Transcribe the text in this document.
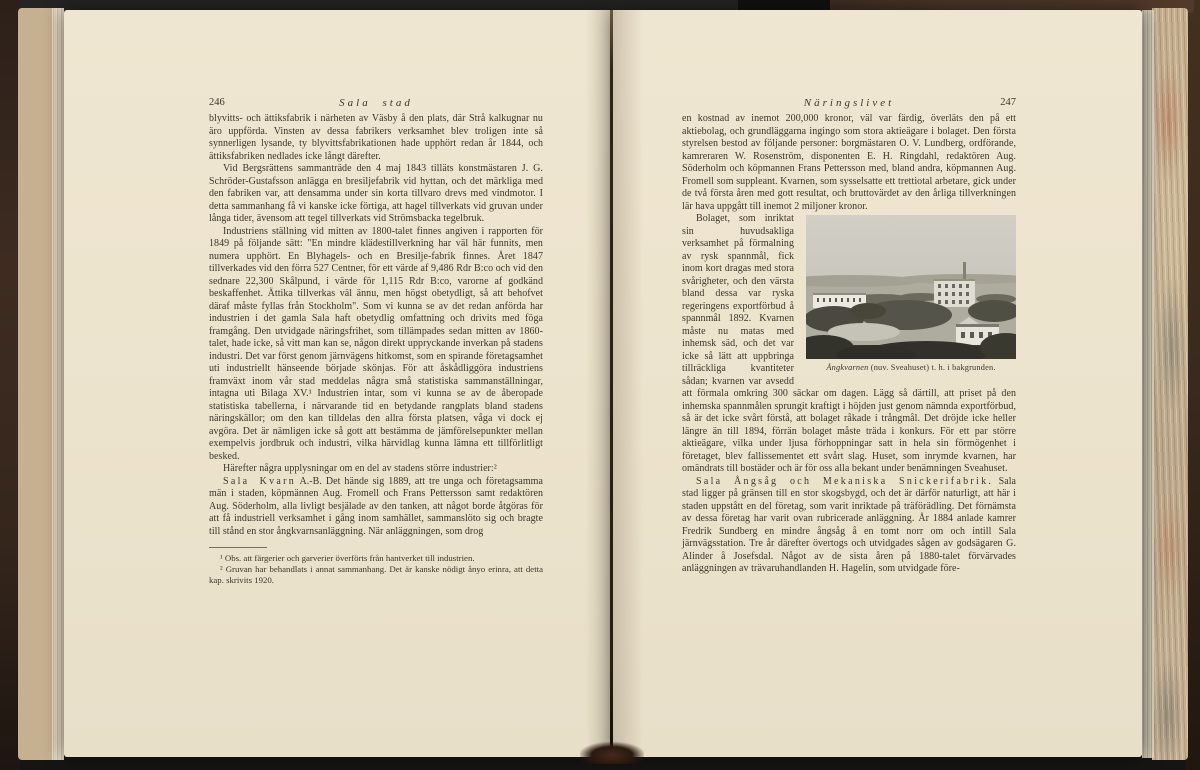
246	Sala stad

blyvitts- och ättiksfabrik i närheten av Väsby å den plats, där Strå kalkugnar nu äro uppförda. Vinsten av dessa fabrikers verksamhet blev troligen inte så synnerligen lysande, ty blyvittsfabrikationen hade upphört redan år 1844, och ättiksfabriken nedlades icke långt därefter.

Vid Bergsrättens sammanträde den 4 maj 1843 tilläts konstmästaren J. G. Schröder-Gustafsson anlägga en bresiljefabrik vid hyttan, och det märkliga med den fabriken var, att densamma under sin korta tillvaro drevs med vindmotor. I detta sammanhang få vi kanske icke förtiga, att hagel tillverkats vid gruvan under långa tider, ävensom att tegel tillverkats vid Strömsbacka tegelbruk.

Industriens ställning vid mitten av 1800-talet finnes angiven i rapporten för 1849 på följande sätt: "En mindre klädestillverkning har väl här funnits, men numera upphört. En Blyhagels- och en Bresilje-fabrik finnes. Året 1847 tillverkades vid den förra 527 Centner, för ett värde af 9,486 Rdr B:co och vid den sednare 22,300 Skålpund, i värde för 1,115 Rdr B:co, varorne af godkänd beskaffenhet. Ättika tillverkas väl ännu, men högst obetydligt, så att behofvet däraf måste fyllas från Stockholm". Som vi kunna se av det redan anförda har industrien i det gamla Sala haft obetydlig omfattning och drivits med föga framgång. Den utvidgade näringsfrihet, som tillämpades sedan mitten av 1860-talet, hade icke, så vitt man kan se, någon direkt uppryckande inverkan på stadens industri. Det var först genom järnvägens hitkomst, som en spirande företagsamhet uti industriellt hänseende började skönjas. För att åskådliggöra industriens framväxt inom vår stad meddelas några små statistiska sammanställningar, intagna uti Bilaga XV.¹ Industrien intar, som vi kunna se av de åberopade statistiska tabellerna, i närvarande tid en betydande rangplats bland stadens näringskällor; om den kan tilldelas den allra första platsen, våga vi dock ej avgöra. Det är nämligen icke så gott att bestämma de jämförelsepunkter mellan exempelvis jordbruk och industri, vilka härvidlag kunna lämna ett tillförlitligt besked.

Härefter några upplysningar om en del av stadens större industrier:²

Sala Kvarn A.-B. Det hände sig 1889, att tre unga och företagsamma män i staden, köpmännen Aug. Fromell och Frans Pettersson samt redaktören Aug. Söderholm, alla livligt besjälade av den tanken, att något borde åtgöras för att få industriell verksamhet i gång inom samhället, sammanslöto sig och bragte till stånd en stor ångkvarnsanläggning. När anläggningen, som drog

¹ Obs. att färgerier och garverier överförts från hantverket till industrien.

² Gruvan har behandlats i annat sammanhang. Det är kanske nödigt ånyo erinra, att detta kap. skrivits 1920.

Näringslivet	247

en kostnad av inemot 200,000 kronor, väl var färdig, överläts den på ett aktiebolag, och grundläggarna ingingo som stora aktieägare i bolaget. Den första styrelsen bestod av följande personer: borgmästaren O. V. Lundberg, ordförande, kamreraren W. Rosenström, disponenten E. H. Ringdahl, redaktören Aug. Söderholm och köpmannen Frans Pettersson med, bland andra, köpmannen Aug. Fromell som suppleant. Kvarnen, som sysselsatte ett trettiotal arbetare, gick under de två första åren med gott resultat, och bruttovärdet av den årliga tillverkningen lär hava uppgått till inemot 2 miljoner kronor.

Ångkvarnen (nuv. Sveahuset) t. h. i bakgrunden.

Bolaget, som inriktat sin huvudsakliga verksamhet på förmalning av rysk spannmål, fick inom kort dragas med stora svårigheter, och den värsta bland dessa var ryska regeringens exportförbud å spannmål 1892. Kvarnen måste nu matas med inhemsk säd, och det var icke så lätt att uppbringa tillräckliga kvantiteter sådan; kvarnen var avsedd att förmala omkring 300 säckar om dagen. Lägg så därtill, att priset på den inhemska spannmålen sprungit kraftigt i höjden just genom nämnda exportförbud, så är det icke svårt förstå, att bolaget råkade i trångmål. Det dröjde icke heller längre än till 1894, förrän bolaget måste träda i konkurs. För ett par större aktieägare, vilka under ljusa förhoppningar satt in hela sin förmögenhet i företaget, blev fallissementet ett svårt slag. Huset, som inrymde kvarnen, har omändrats till bostäder och är för oss alla bekant under benämningen Sveahuset.

Sala Ångsåg och Mekaniska Snickerifabrik. Sala stad ligger på gränsen till en stor skogsbygd, och det är därför naturligt, att här i staden uppstått en del företag, som varit inriktade på träförädling. Det förnämsta av dessa företag har varit ovan rubricerade anläggning. År 1884 anlade kamrer Fredrik Sundberg en mindre ångsåg å en tomt norr om och intill Sala järnvägsstation. Tre år därefter övertogs och utvidgades sågen av godsägaren G. Alinder å Josefsdal. Något av de sista åren på 1880-talet förvärvades anläggningen av trävaruhandlanden H. Hagelin, som utvidgade före-
